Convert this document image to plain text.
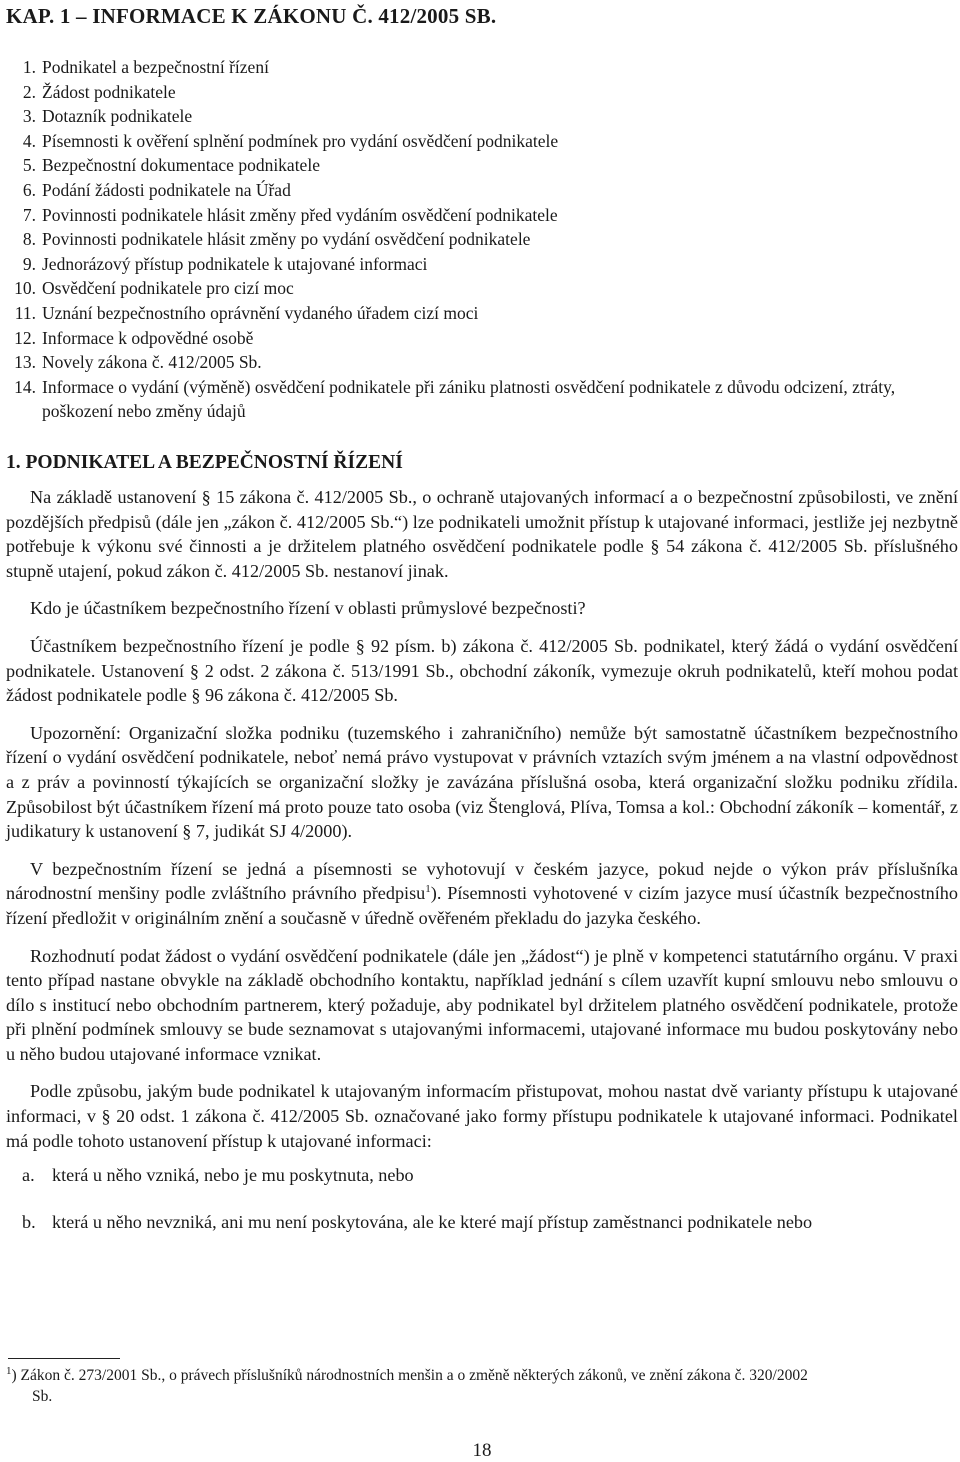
KAP. 1 – INFORMACE K ZÁKONU Č. 412/2005 SB.
1. Podnikatel a bezpečnostní řízení
2. Žádost podnikatele
3. Dotazník podnikatele
4. Písemnosti k ověření splnění podmínek pro vydání osvědčení podnikatele
5. Bezpečnostní dokumentace podnikatele
6. Podání žádosti podnikatele na Úřad
7. Povinnosti podnikatele hlásit změny před vydáním osvědčení podnikatele
8. Povinnosti podnikatele hlásit změny po vydání osvědčení podnikatele
9. Jednorázový přístup podnikatele k utajované informaci
10. Osvědčení podnikatele pro cizí moc
11. Uznání bezpečnostního oprávnění vydaného úřadem cizí moci
12. Informace k odpovědné osobě
13. Novely zákona č. 412/2005 Sb.
14. Informace o vydání (výměně) osvědčení podnikatele při zániku platnosti osvědčení podnikatele z důvodu odcizení, ztráty, poškození nebo změny údajů
1. PODNIKATEL A BEZPEČNOSTNÍ ŘÍZENÍ

Na základě ustanovení § 15 zákona č. 412/2005 Sb., o ochraně utajovaných informací a o bezpečnostní způsobilosti, ve znění pozdějších předpisů (dále jen „zákon č. 412/2005 Sb.“) lze podnikateli umožnit přístup k utajované informaci, jestliže jej nezbytně potřebuje k výkonu své činnosti a je držitelem platného osvědčení podnikatele podle § 54 zákona č. 412/2005 Sb. příslušného stupně utajení, pokud zákon č. 412/2005 Sb. nestanoví jinak.

Kdo je účastníkem bezpečnostního řízení v oblasti průmyslové bezpečnosti?

Účastníkem bezpečnostního řízení je podle § 92 písm. b) zákona č. 412/2005 Sb. podnikatel, který žádá o vydání osvědčení podnikatele. Ustanovení § 2 odst. 2 zákona č. 513/1991 Sb., obchodní zákoník, vymezuje okruh podnikatelů, kteří mohou podat žádost podnikatele podle § 96 zákona č. 412/2005 Sb.

Upozornění: Organizační složka podniku (tuzemského i zahraničního) nemůže být samostatně účastníkem bezpečnostního řízení o vydání osvědčení podnikatele, neboť nemá právo vystupovat v právních vztazích svým jménem a na vlastní odpovědnost a z práv a povinností týkajících se organizační složky je zavázána příslušná osoba, která organizační složku podniku zřídila. Způsobilost být účastníkem řízení má proto pouze tato osoba (viz Štenglová, Plíva, Tomsa a kol.: Obchodní zákoník – komentář, z judikatury k ustanovení § 7, judikát SJ 4/2000).

V bezpečnostním řízení se jedná a písemnosti se vyhotovují v českém jazyce, pokud nejde o výkon práv příslušníka národnostní menšiny podle zvláštního právního předpisu$^1$). Písemnosti vyhotovené v cizím jazyce musí účastník bezpečnostního řízení předložit v originálním znění a současně v úředně ověřeném překladu do jazyka českého.

Rozhodnutí podat žádost o vydání osvědčení podnikatele (dále jen „žádost“) je plně v kompetenci statutárního orgánu. V praxi tento případ nastane obvykle na základě obchodního kontaktu, například jednání s cílem uzavřít kupní smlouvu nebo smlouvu o dílo s institucí nebo obchodním partnerem, který požaduje, aby podnikatel byl držitelem platného osvědčení podnikatele, protože při plnění podmínek smlouvy se bude seznamovat s utajovanými informacemi, utajované informace mu budou poskytovány nebo u něho budou utajované informace vznikat.

Podle způsobu, jakým bude podnikatel k utajovaným informacím přistupovat, mohou nastat dvě varianty přístupu k utajované informaci, v § 20 odst. 1 zákona č. 412/2005 Sb. označované jako formy přístupu podnikatele k utajované informaci. Podnikatel má podle tohoto ustanovení přístup k utajované informaci:

a. která u něho vzniká, nebo je mu poskytnuta, nebo
b. která u něho nevzniká, ani mu není poskytována, ale ke které mají přístup zaměstnanci podnikatele nebo
$^1$) Zákon č. 273/2001 Sb., o právech příslušníků národnostních menšin a o změně některých zákonů, ve znění zákona č. 320/2002
Sb.
18
